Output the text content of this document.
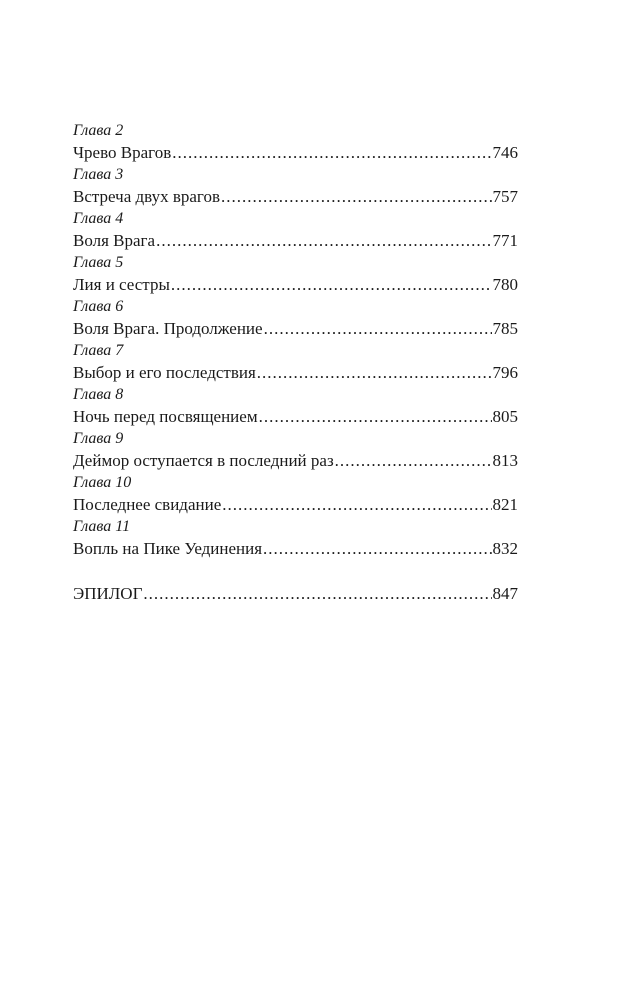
Глава 2
Чрево Врагов .....	746
Глава 3
Встреча двух врагов .....	757
Глава 4
Воля Врага .....	771
Глава 5
Лия и сестры .....	780
Глава 6
Воля Врага. Продолжение .....	785
Глава 7
Выбор и его последствия .....	796
Глава 8
Ночь перед посвящением .....	805
Глава 9
Деймор оступается в последний раз .....	813
Глава 10
Последнее свидание .....	821
Глава 11
Вопль на Пике Уединения .....	832
ЭПИЛОГ .....	847
